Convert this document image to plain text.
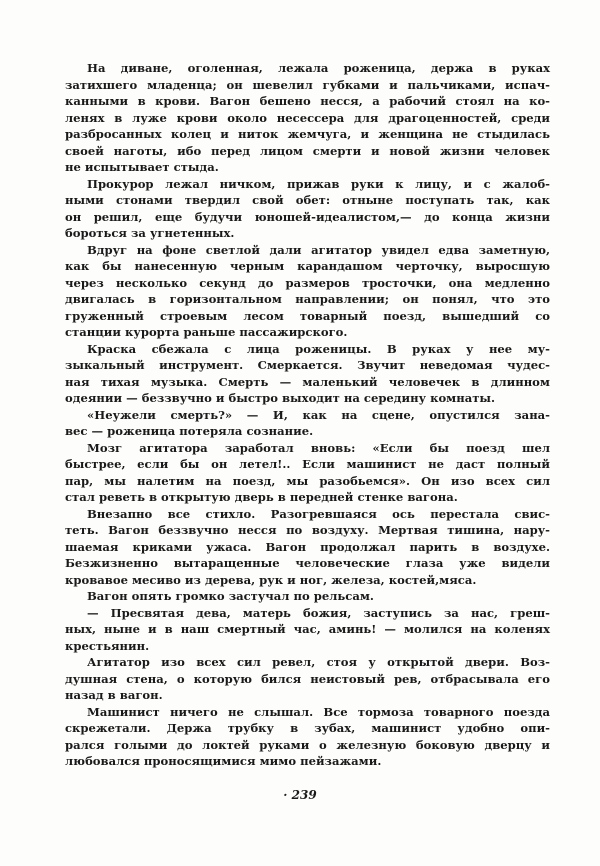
На диване, оголенная, лежала роженица, держа в руках
затихшего младенца; он шевелил губками и пальчиками, испач-
канными в крови. Вагон бешено несся, а рабочий стоял на ко-
ленях в луже крови около несессера для драгоценностей, среди
разбросанных колец и ниток жемчуга, и женщина не стыдилась
своей наготы, ибо перед лицом смерти и новой жизни человек
не испытывает стыда.
Прокурор лежал ничком, прижав руки к лицу, и с жалоб-
ными стонами твердил свой обет: отныне поступать так, как
он решил, еще будучи юношей-идеалистом,— до конца жизни
бороться за угнетенных.
Вдруг на фоне светлой дали агитатор увидел едва заметную,
как бы нанесенную черным карандашом черточку, выросшую
через несколько секунд до размеров тросточки, она медленно
двигалась в горизонтальном направлении; он понял, что это
груженный строевым лесом товарный поезд, вышедший со
станции курорта раньше пассажирского.
Краска сбежала с лица роженицы. В руках у нее му-
зыкальный инструмент. Смеркается. Звучит неведомая чудес-
ная тихая музыка. Смерть — маленький человечек в длинном
одеянии — беззвучно и быстро выходит на середину комнаты.
«Неужели смерть?» — И, как на сцене, опустился зана-
вес — роженица потеряла сознание.
Мозг агитатора заработал вновь: «Если бы поезд шел
быстрее, если бы он летел!.. Если машинист не даст полный
пар, мы налетим на поезд, мы разобьемся». Он изо всех сил
стал реветь в открытую дверь в передней стенке вагона.
Внезапно все стихло. Разогревшаяся ось перестала свис-
теть. Вагон беззвучно несся по воздуху. Мертвая тишина, нару-
шаемая криками ужаса. Вагон продолжал парить в воздухе.
Безжизненно вытаращенные человеческие глаза уже видели
кровавое месиво из дерева, рук и ног, железа, костей,мяса.
Вагон опять громко застучал по рельсам.
— Пресвятая дева, матерь божия, заступись за нас, греш-
ных, ныне и в наш смертный час, аминь! — молился на коленях
крестьянин.
Агитатор изо всех сил ревел, стоя у открытой двери. Воз-
душная стена, о которую бился неистовый рев, отбрасывала его
назад в вагон.
Машинист ничего не слышал. Все тормоза товарного поезда
скрежетали. Держа трубку в зубах, машинист удобно опи-
рался голыми до локтей руками о железную боковую дверцу и
любовался проносящимися мимо пейзажами.
· 239
